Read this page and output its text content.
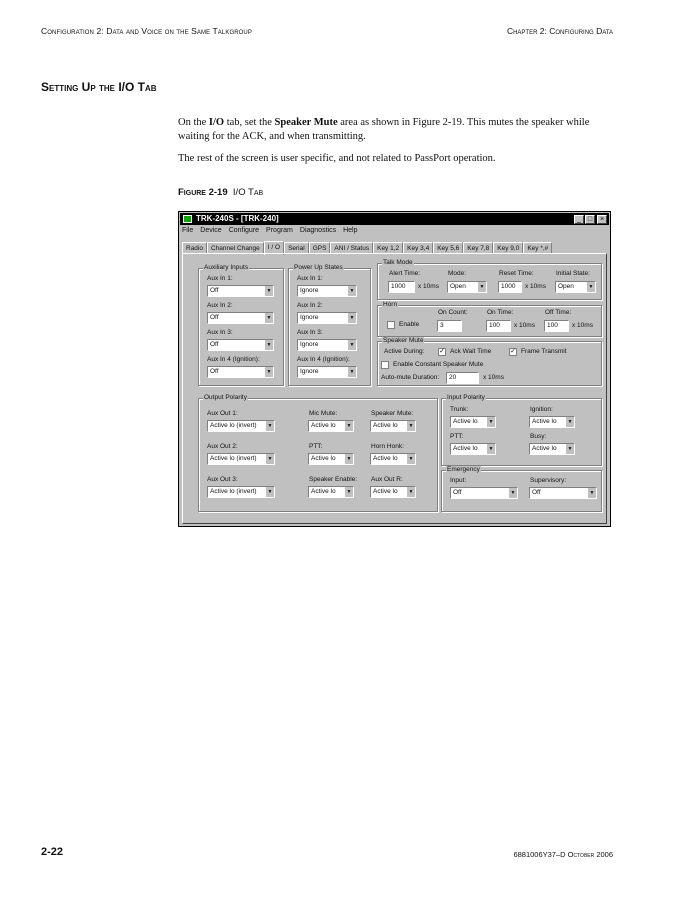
Configuration 2: Data and Voice on the Same Talkgroup	Chapter 2: Configuring Data
Setting Up the I/O Tab

On the I/O tab, set the Speaker Mute area as shown in Figure 2-19. This mutes the speaker while waiting for the ACK, and when transmitting.

The rest of the screen is user specific, and not related to PassPort operation.

Figure 2-19 I/O Tab
TRK-240S - [TRK-240]	_ □	×
File Device Configure Program Diagnostics Help
Radio Channel Change I / O Serial GPS ANI / Status Key 1,2 Key 3,4 Key 5,6 Key 7,8 Key 9,0 Key *,#
Auxiliary Inputs
Aux In 1:
Off	▼
Aux In 2:
Off	▼
Aux In 3:
Off	▼
Aux In 4 (Ignition):
Off	▼
Power Up States
Aux In 1:
Ignore	▼
Aux In 2:
Ignore	▼
Aux In 3:
Ignore	▼
Aux In 4 (Ignition):
Ignore	▼
Talk Mode
Alert Time:
1000	x 10ms
Mode:
Open	▼
Reset Time:
1000	x 10ms
Initial State:
Open	▼
Horn
Enable
On Count:
3
On Time:
100	x 10ms
Off Time:
100	x 10ms
Speaker Mute
Active During: ✓ Ack Wait Time	✓ Frame Transmit
Enable Constant Speaker Mute
Auto-mute Duration:	20	x 10ms
Output Polarity
Aux Out 1:
Active lo (invert)	▼
Aux Out 2:
Active lo (invert)	▼
Aux Out 3:
Active lo (invert)	▼
Mic Mute:
Active lo	▼
PTT:
Active lo	▼
Speaker Enable:
Active lo	▼
Speaker Mute:
Active lo	▼
Horn Honk:
Active lo	▼
Aux Out R:
Active lo	▼
Input Polarity
Trunk:
Active lo	▼
PTT:
Active lo	▼
Ignition:
Active lo	▼
Busy:
Active lo	▼
Emergency
Input:
Off	▼
Supervisory:
Off	▼
2-22	6881006Y37–D October 2006
